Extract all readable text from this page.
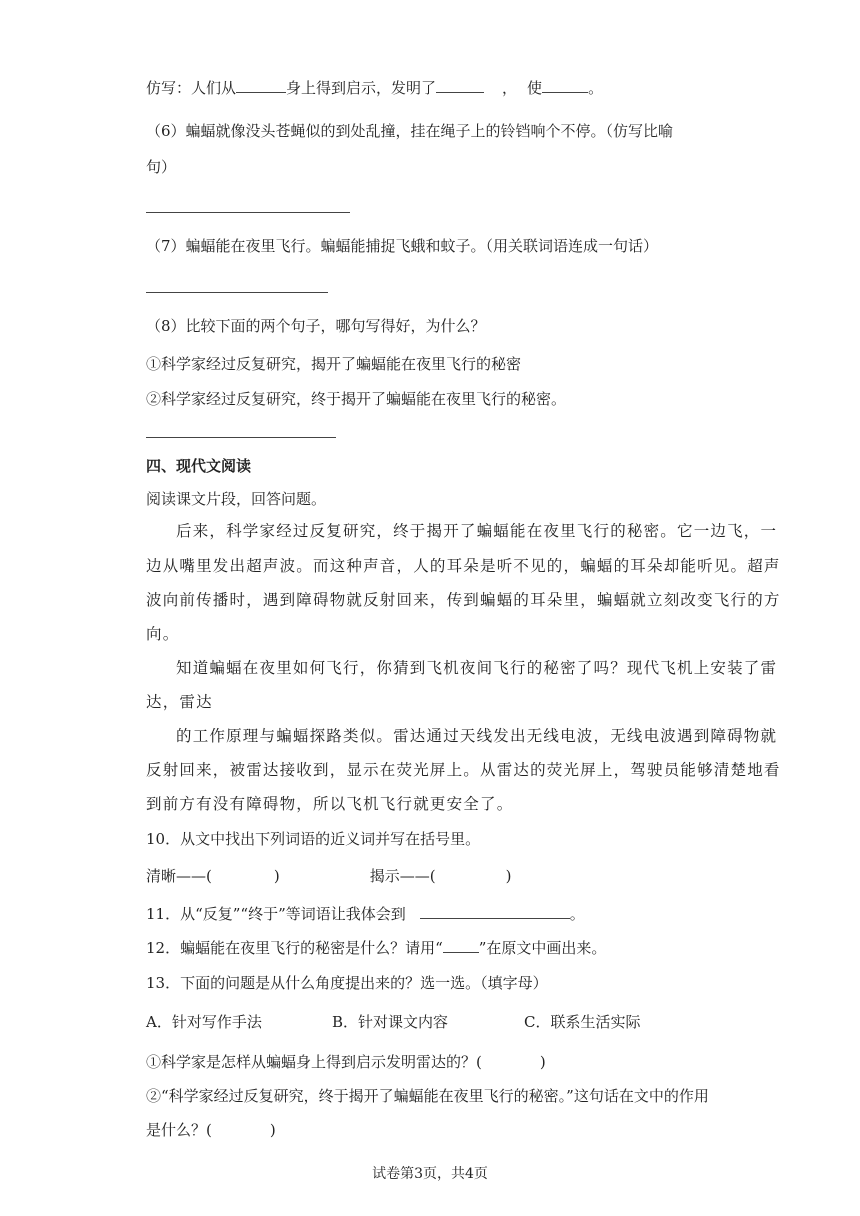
仿写：人们从	身上得到启示，发明了	， 使	。
（6）蝙蝠就像没头苍蝇似的到处乱撞，挂在绳子上的铃铛响个不停。（仿写比喻
句）
（7）蝙蝠能在夜里飞行。蝙蝠能捕捉飞蛾和蚊子。（用关联词语连成一句话）
（8）比较下面的两个句子，哪句写得好，为什么？
①科学家经过反复研究，揭开了蝙蝠能在夜里飞行的秘密
②科学家经过反复研究，终于揭开了蝙蝠能在夜里飞行的秘密。
四、现代文阅读
阅读课文片段，回答问题。
后来，科学家经过反复研究，终于揭开了蝙蝠能在夜里飞行的秘密。它一边飞，一
边从嘴里发出超声波。而这种声音，人的耳朵是听不见的，蝙蝠的耳朵却能听见。超声
波向前传播时，遇到障碍物就反射回来，传到蝙蝠的耳朵里，蝙蝠就立刻改变飞行的方
向。
知道蝙蝠在夜里如何飞行，你猜到飞机夜间飞行的秘密了吗？现代飞机上安装了雷
达，雷达
的工作原理与蝙蝠探路类似。雷达通过天线发出无线电波，无线电波遇到障碍物就
反射回来，被雷达接收到，显示在荧光屏上。从雷达的荧光屏上，驾驶员能够清楚地看
到前方有没有障碍物，所以飞机飞行就更安全了。
10．从文中找出下列词语的近义词并写在括号里。
清晰——(	)	揭示——(	)
11．从“反复”“终于”等词语让我体会到	。
12．蝙蝠能在夜里飞行的秘密是什么？请用“ ”在原文中画出来。
13．下面的问题是从什么角度提出来的？选一选。（填字母）
A．针对写作手法	B．针对课文内容	C．联系生活实际
①科学家是怎样从蝙蝠身上得到启示发明雷达的？(	)
②“科学家经过反复研究，终于揭开了蝙蝠能在夜里飞行的秘密。”这句话在文中的作用
是什么？(	)
试卷第3页，共4页
